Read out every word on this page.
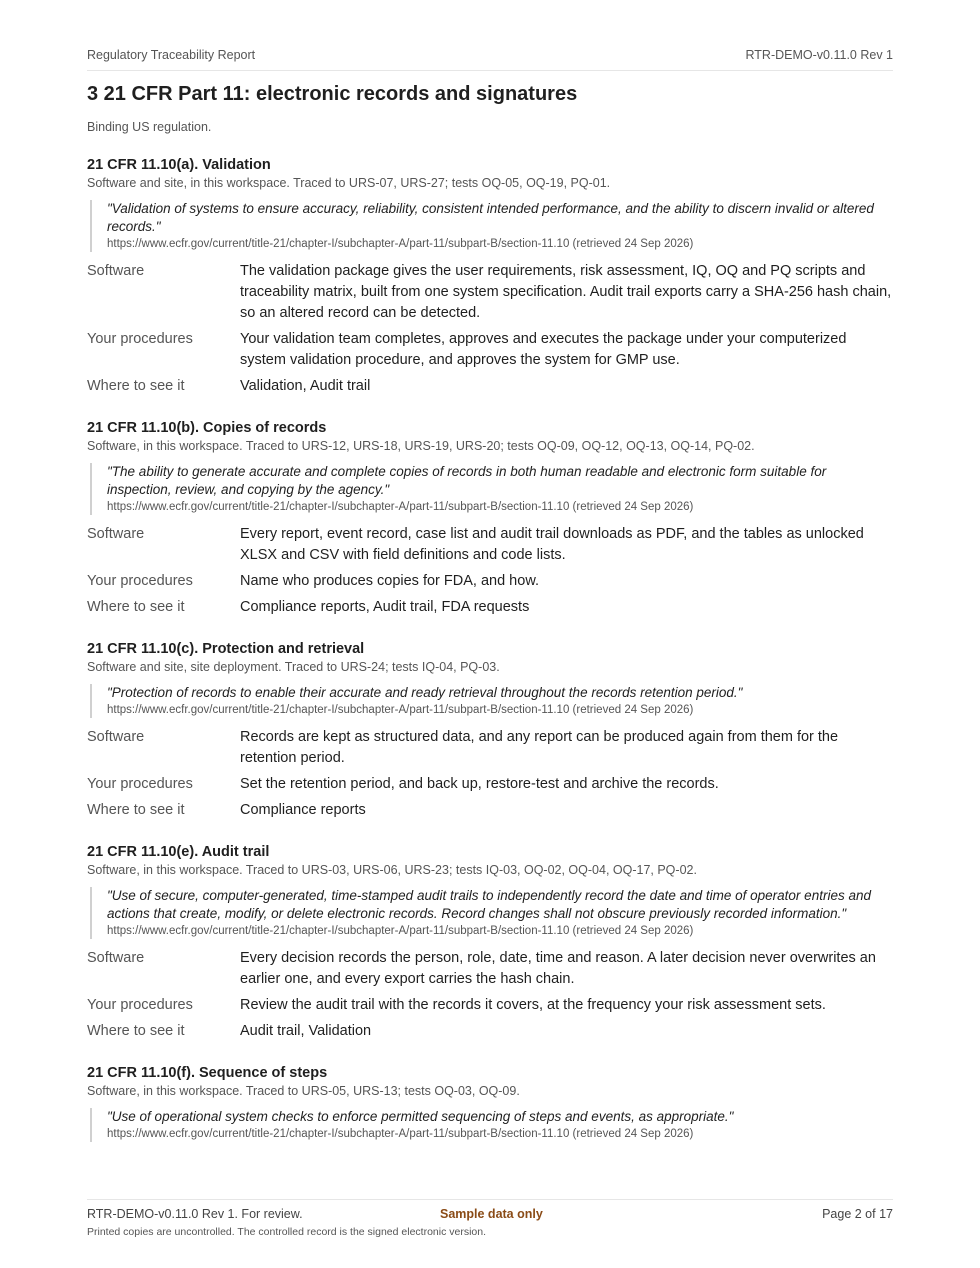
Regulatory Traceability Report	RTR-DEMO-v0.11.0 Rev 1
3 21 CFR Part 11: electronic records and signatures
Binding US regulation.
21 CFR 11.10(a). Validation
Software and site, in this workspace. Traced to URS-07, URS-27; tests OQ-05, OQ-19, PQ-01.
"Validation of systems to ensure accuracy, reliability, consistent intended performance, and the ability to discern invalid or altered records."
https://www.ecfr.gov/current/title-21/chapter-I/subchapter-A/part-11/subpart-B/section-11.10 (retrieved 24 Sep 2026)
Software	The validation package gives the user requirements, risk assessment, IQ, OQ and PQ scripts and traceability matrix, built from one system specification. Audit trail exports carry a SHA-256 hash chain, so an altered record can be detected.
Your procedures	Your validation team completes, approves and executes the package under your computerized system validation procedure, and approves the system for GMP use.
Where to see it	Validation, Audit trail
21 CFR 11.10(b). Copies of records
Software, in this workspace. Traced to URS-12, URS-18, URS-19, URS-20; tests OQ-09, OQ-12, OQ-13, OQ-14, PQ-02.
"The ability to generate accurate and complete copies of records in both human readable and electronic form suitable for inspection, review, and copying by the agency."
https://www.ecfr.gov/current/title-21/chapter-I/subchapter-A/part-11/subpart-B/section-11.10 (retrieved 24 Sep 2026)
Software	Every report, event record, case list and audit trail downloads as PDF, and the tables as unlocked XLSX and CSV with field definitions and code lists.
Your procedures	Name who produces copies for FDA, and how.
Where to see it	Compliance reports, Audit trail, FDA requests
21 CFR 11.10(c). Protection and retrieval
Software and site, site deployment. Traced to URS-24; tests IQ-04, PQ-03.
"Protection of records to enable their accurate and ready retrieval throughout the records retention period."
https://www.ecfr.gov/current/title-21/chapter-I/subchapter-A/part-11/subpart-B/section-11.10 (retrieved 24 Sep 2026)
Software	Records are kept as structured data, and any report can be produced again from them for the retention period.
Your procedures	Set the retention period, and back up, restore-test and archive the records.
Where to see it	Compliance reports
21 CFR 11.10(e). Audit trail
Software, in this workspace. Traced to URS-03, URS-06, URS-23; tests IQ-03, OQ-02, OQ-04, OQ-17, PQ-02.
"Use of secure, computer-generated, time-stamped audit trails to independently record the date and time of operator entries and actions that create, modify, or delete electronic records. Record changes shall not obscure previously recorded information."
https://www.ecfr.gov/current/title-21/chapter-I/subchapter-A/part-11/subpart-B/section-11.10 (retrieved 24 Sep 2026)
Software	Every decision records the person, role, date, time and reason. A later decision never overwrites an earlier one, and every export carries the hash chain.
Your procedures	Review the audit trail with the records it covers, at the frequency your risk assessment sets.
Where to see it	Audit trail, Validation
21 CFR 11.10(f). Sequence of steps
Software, in this workspace. Traced to URS-05, URS-13; tests OQ-03, OQ-09.
"Use of operational system checks to enforce permitted sequencing of steps and events, as appropriate."
https://www.ecfr.gov/current/title-21/chapter-I/subchapter-A/part-11/subpart-B/section-11.10 (retrieved 24 Sep 2026)
RTR-DEMO-v0.11.0 Rev 1. For review.	Sample data only	Page 2 of 17
Printed copies are uncontrolled. The controlled record is the signed electronic version.
